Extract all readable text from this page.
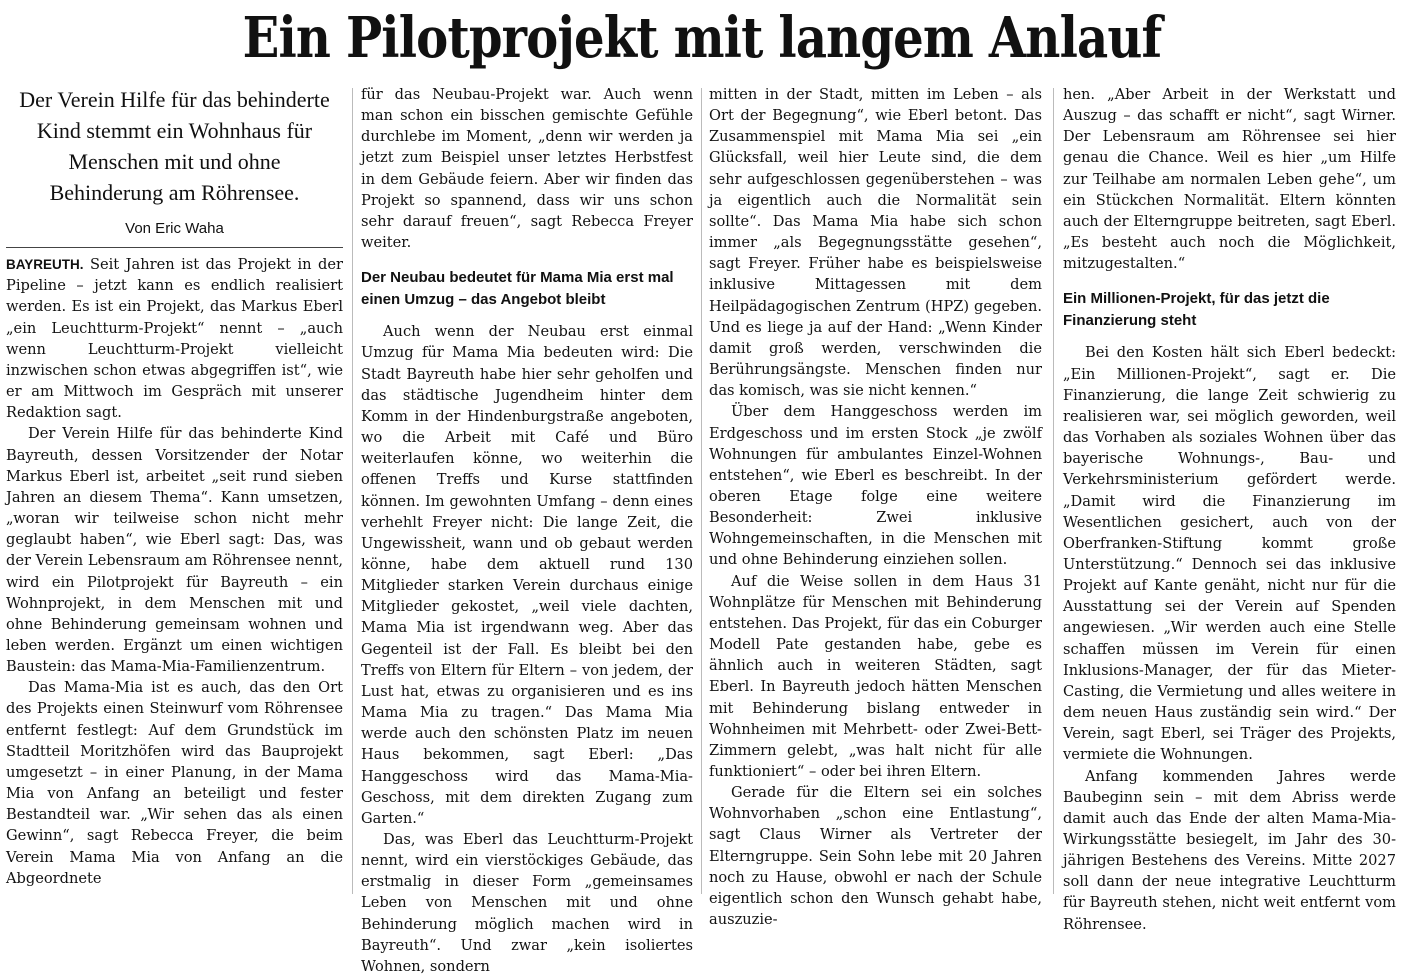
Ein Pilotprojekt mit langem Anlauf
Der Verein Hilfe für das behinderte Kind stemmt ein Wohnhaus für Menschen mit und ohne Behinderung am Röhrensee.
Von Eric Waha

BAYREUTH. Seit Jahren ist das Projekt in der Pipeline – jetzt kann es endlich realisiert werden. Es ist ein Projekt, das Markus Eberl „ein Leuchtturm-Projekt“ nennt – „auch wenn Leuchtturm-Projekt vielleicht inzwischen schon etwas abgegriffen ist“, wie er am Mittwoch im Gespräch mit unserer Redaktion sagt.

Der Verein Hilfe für das behinderte Kind Bayreuth, dessen Vorsitzender der Notar Markus Eberl ist, arbeitet „seit rund sieben Jahren an diesem Thema“. Kann umsetzen, „woran wir teilweise schon nicht mehr geglaubt haben“, wie Eberl sagt: Das, was der Verein Lebensraum am Röhrensee nennt, wird ein Pilotprojekt für Bayreuth – ein Wohnprojekt, in dem Menschen mit und ohne Behinderung gemeinsam wohnen und leben werden. Ergänzt um einen wichtigen Baustein: das Mama-Mia-Familienzentrum.

Das Mama-Mia ist es auch, das den Ort des Projekts einen Steinwurf vom Röhrensee entfernt festlegt: Auf dem Grundstück im Stadtteil Moritzhöfen wird das Bauprojekt umgesetzt – in einer Planung, in der Mama Mia von Anfang an beteiligt und fester Bestandteil war. „Wir sehen das als einen Gewinn“, sagt Rebecca Freyer, die beim Verein Mama Mia von Anfang an die Abgeordnete

für das Neubau-Projekt war. Auch wenn man schon ein bisschen gemischte Gefühle durchlebe im Moment, „denn wir werden ja jetzt zum Beispiel unser letztes Herbstfest in dem Gebäude feiern. Aber wir finden das Projekt so spannend, dass wir uns schon sehr darauf freuen“, sagt Rebecca Freyer weiter.

Der Neubau bedeutet für Mama Mia erst mal einen Umzug – das Angebot bleibt

Auch wenn der Neubau erst einmal Umzug für Mama Mia bedeuten wird: Die Stadt Bayreuth habe hier sehr geholfen und das städtische Jugendheim hinter dem Komm in der Hindenburgstraße angeboten, wo die Arbeit mit Café und Büro weiterlaufen könne, wo weiterhin die offenen Treffs und Kurse stattfinden können. Im gewohnten Umfang – denn eines verhehlt Freyer nicht: Die lange Zeit, die Ungewissheit, wann und ob gebaut werden könne, habe dem aktuell rund 130 Mitglieder starken Verein durchaus einige Mitglieder gekostet, „weil viele dachten, Mama Mia ist irgendwann weg. Aber das Gegenteil ist der Fall. Es bleibt bei den Treffs von Eltern für Eltern – von jedem, der Lust hat, etwas zu organisieren und es ins Mama Mia zu tragen.“ Das Mama Mia werde auch den schönsten Platz im neuen Haus bekommen, sagt Eberl: „Das Hanggeschoss wird das Mama-Mia-Geschoss, mit dem direkten Zugang zum Garten.“

Das, was Eberl das Leuchtturm-Projekt nennt, wird ein vierstöckiges Gebäude, das erstmalig in dieser Form „gemeinsames Leben von Menschen mit und ohne Behinderung möglich machen wird in Bayreuth“. Und zwar „kein isoliertes Wohnen, sondern

mitten in der Stadt, mitten im Leben – als Ort der Begegnung“, wie Eberl betont. Das Zusammenspiel mit Mama Mia sei „ein Glücksfall, weil hier Leute sind, die dem sehr aufgeschlossen gegenüberstehen – was ja eigentlich auch die Normalität sein sollte“. Das Mama Mia habe sich schon immer „als Begegnungsstätte gesehen“, sagt Freyer. Früher habe es beispielsweise inklusive Mittagessen mit dem Heilpädagogischen Zentrum (HPZ) gegeben. Und es liege ja auf der Hand: „Wenn Kinder damit groß werden, verschwinden die Berührungsängste. Menschen finden nur das komisch, was sie nicht kennen.“

Über dem Hanggeschoss werden im Erdgeschoss und im ersten Stock „je zwölf Wohnungen für ambulantes Einzel-Wohnen entstehen“, wie Eberl es beschreibt. In der oberen Etage folge eine weitere Besonderheit: Zwei inklusive Wohngemeinschaften, in die Menschen mit und ohne Behinderung einziehen sollen.

Auf die Weise sollen in dem Haus 31 Wohnplätze für Menschen mit Behinderung entstehen. Das Projekt, für das ein Coburger Modell Pate gestanden habe, gebe es ähnlich auch in weiteren Städten, sagt Eberl. In Bayreuth jedoch hätten Menschen mit Behinderung bislang entweder in Wohnheimen mit Mehrbett- oder Zwei-Bett-Zimmern gelebt, „was halt nicht für alle funktioniert“ – oder bei ihren Eltern.

Gerade für die Eltern sei ein solches Wohnvorhaben „schon eine Entlastung“, sagt Claus Wirner als Vertreter der Elterngruppe. Sein Sohn lebe mit 20 Jahren noch zu Hause, obwohl er nach der Schule eigentlich schon den Wunsch gehabt habe, auszuzie-

hen. „Aber Arbeit in der Werkstatt und Auszug – das schafft er nicht“, sagt Wirner. Der Lebensraum am Röhrensee sei hier genau die Chance. Weil es hier „um Hilfe zur Teilhabe am normalen Leben gehe“, um ein Stückchen Normalität. Eltern könnten auch der Elterngruppe beitreten, sagt Eberl. „Es besteht auch noch die Möglichkeit, mitzugestalten.“

Ein Millionen-Projekt, für das jetzt die Finanzierung steht

Bei den Kosten hält sich Eberl bedeckt: „Ein Millionen-Projekt“, sagt er. Die Finanzierung, die lange Zeit schwierig zu realisieren war, sei möglich geworden, weil das Vorhaben als soziales Wohnen über das bayerische Wohnungs-, Bau- und Verkehrsministerium gefördert werde. „Damit wird die Finanzierung im Wesentlichen gesichert, auch von der Oberfranken-Stiftung kommt große Unterstützung.“ Dennoch sei das inklusive Projekt auf Kante genäht, nicht nur für die Ausstattung sei der Verein auf Spenden angewiesen. „Wir werden auch eine Stelle schaffen müssen im Verein für einen Inklusions-Manager, der für das Mieter-Casting, die Vermietung und alles weitere in dem neuen Haus zuständig sein wird.“ Der Verein, sagt Eberl, sei Träger des Projekts, vermiete die Wohnungen.

Anfang kommenden Jahres werde Baubeginn sein – mit dem Abriss werde damit auch das Ende der alten Mama-Mia-Wirkungsstätte besiegelt, im Jahr des 30-jährigen Bestehens des Vereins. Mitte 2027 soll dann der neue integrative Leuchtturm für Bayreuth stehen, nicht weit entfernt vom Röhrensee.
